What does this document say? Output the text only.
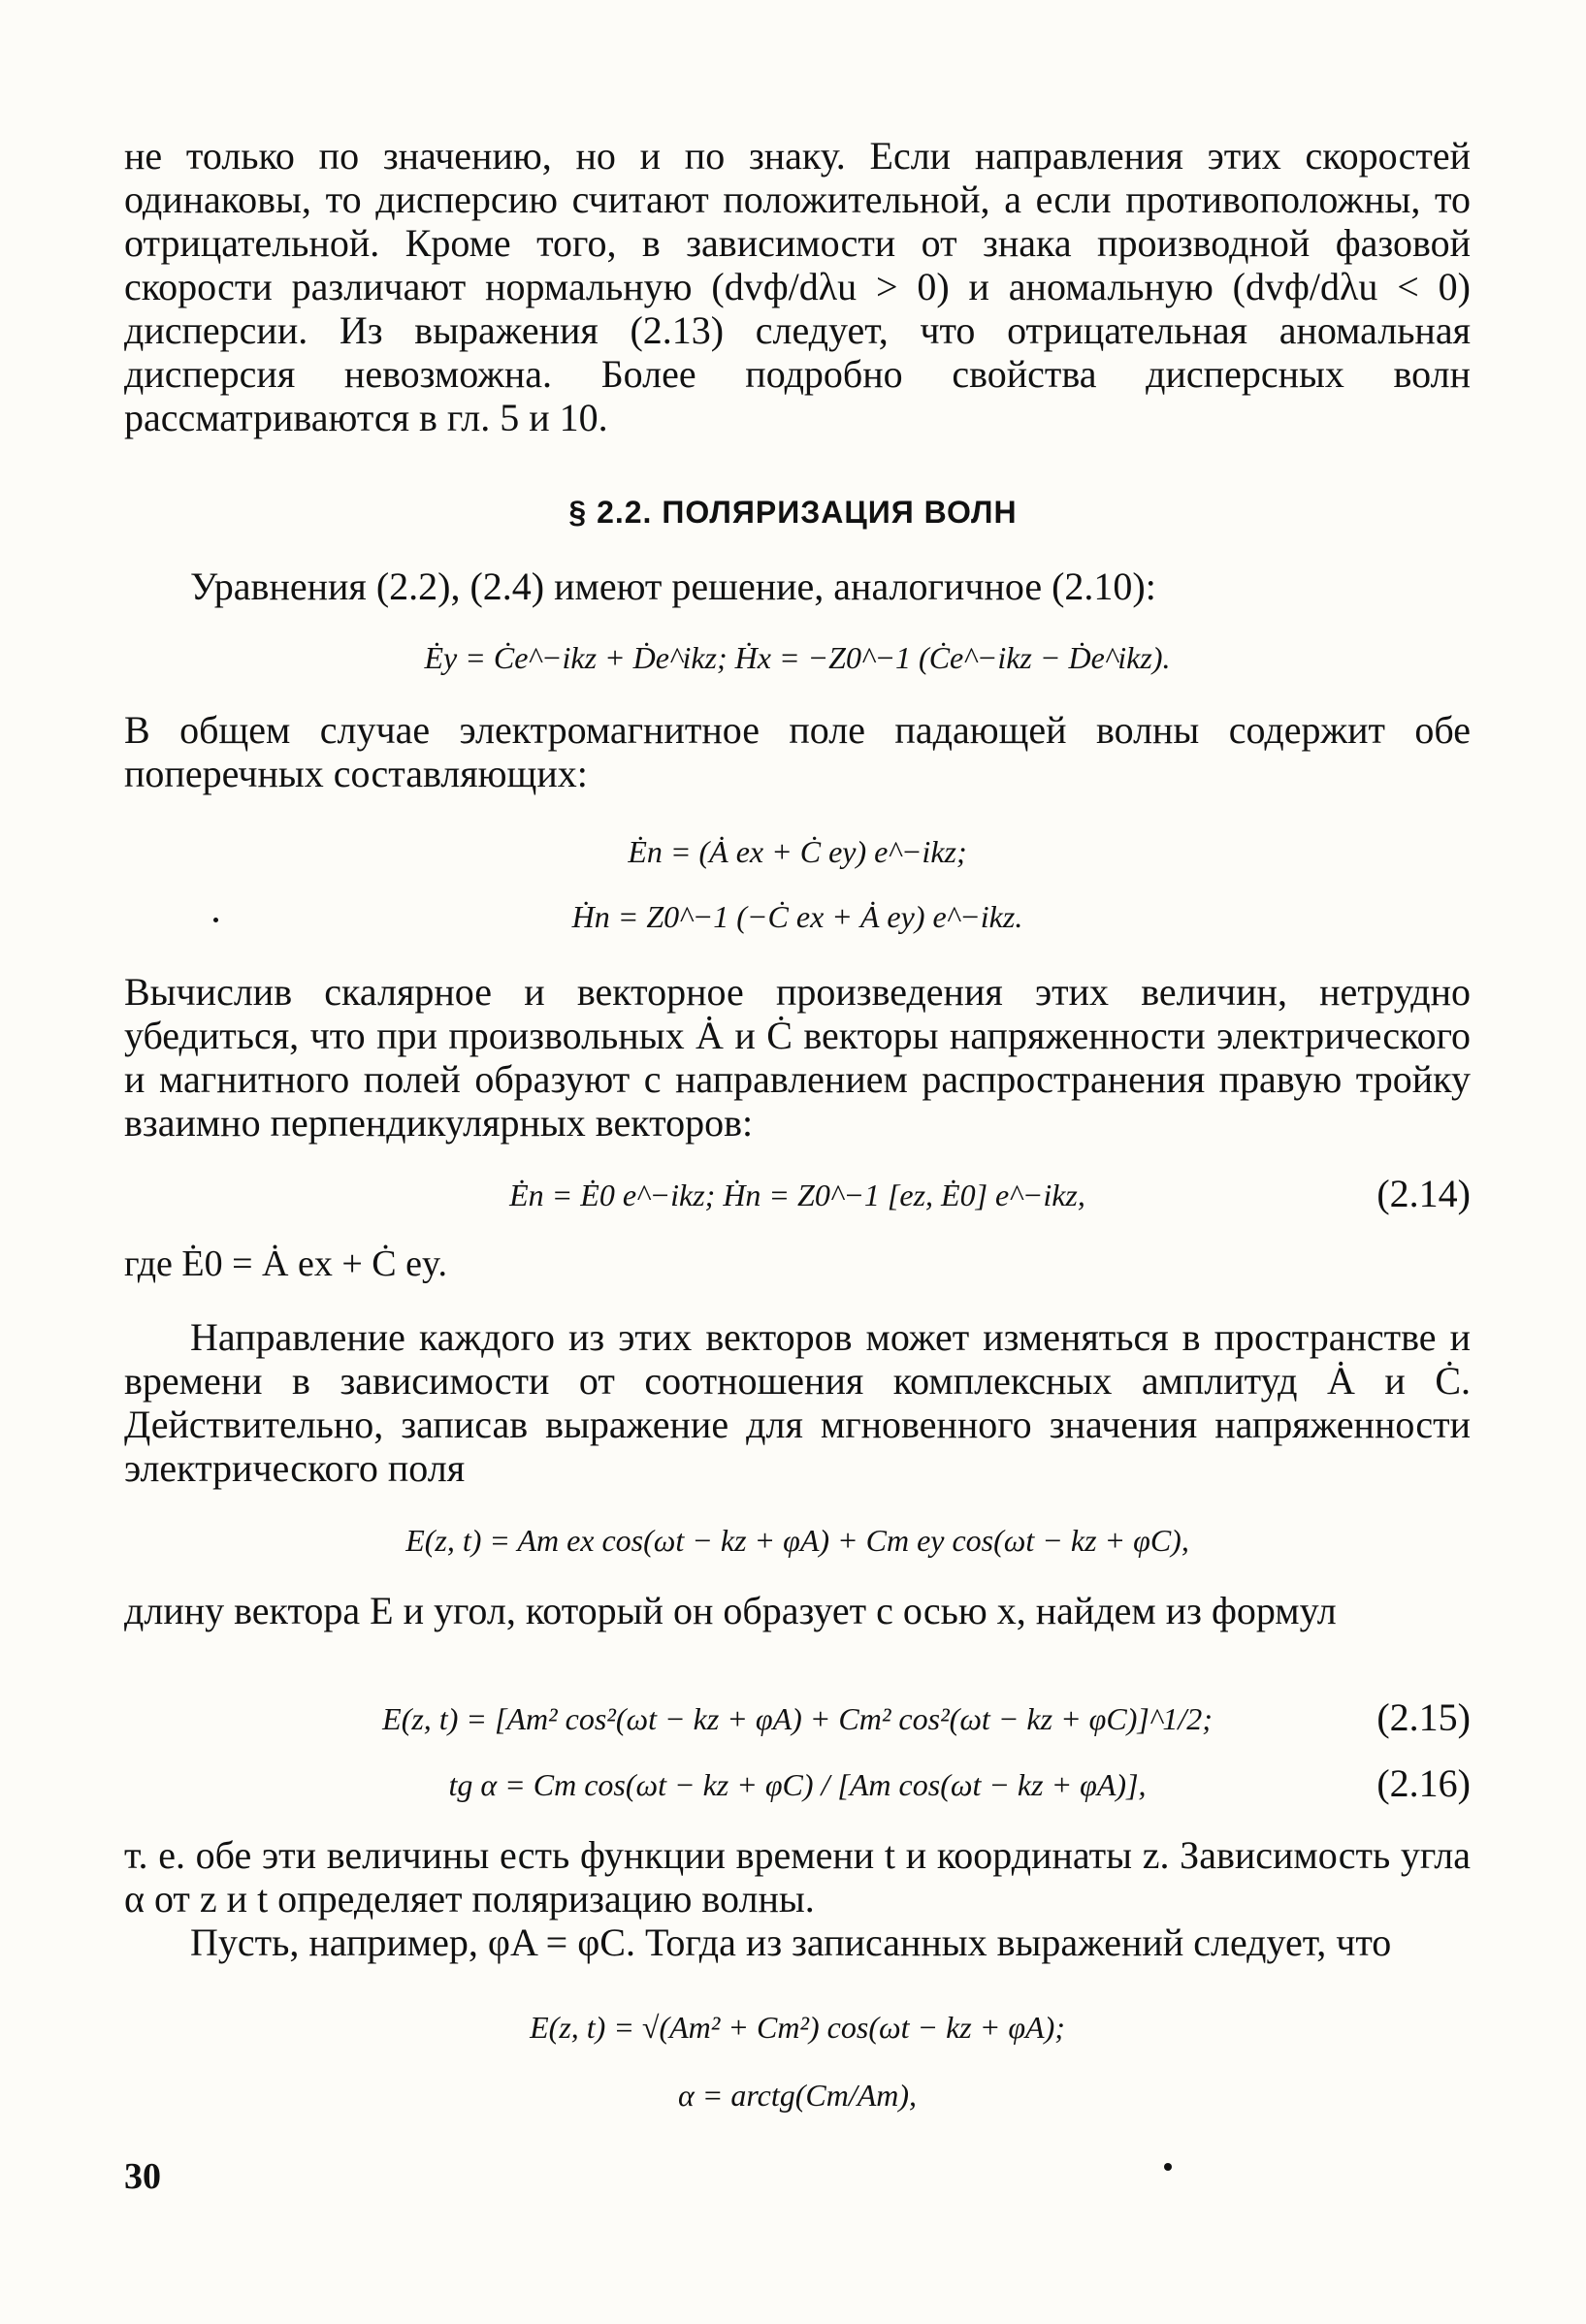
не только по значению, но и по знаку. Если направления этих скоростей одинаковы, то дисперсию считают положительной, а если противоположны, то отрицательной. Кроме того, в зависимости от знака производной фазовой скорости различают нормальную (dvф/dλu > 0) и аномальную (dvф/dλu < 0) дисперсии. Из выражения (2.13) следует, что отрицательная аномальная дисперсия невозможна. Более подробно свойства дисперсных волн рассматриваются в гл. 5 и 10.

§ 2.2. ПОЛЯРИЗАЦИЯ ВОЛН

Уравнения (2.2), (2.4) имеют решение, аналогичное (2.10):

Ėy = Ċe^−ikz + Ḋe^ikz; Ḣx = −Z0^−1 (Ċe^−ikz − Ḋe^ikz).

В общем случае электромагнитное поле падающей волны содержит обе поперечных составляющих:

Ėп = (Ȧ ex + Ċ ey) e^−ikz;
Ḣп = Z0^−1 (−Ċ ex + Ȧ ey) e^−ikz.

Вычислив скалярное и векторное произведения этих величин, нетрудно убедиться, что при произвольных Ȧ и Ċ векторы напряженности электрического и магнитного полей образуют с направлением распространения правую тройку взаимно перпендикулярных векторов:

Ėп = Ė0 e^−ikz; Ḣп = Z0^−1 [ez, Ė0] e^−ikz,	(2.14)
где Ė0 = Ȧ ex + Ċ ey.

Направление каждого из этих векторов может изменяться в пространстве и времени в зависимости от соотношения комплексных амплитуд Ȧ и Ċ. Действительно, записав выражение для мгновенного значения напряженности электрического поля

E(z, t) = Am ex cos(ωt − kz + φA) + Cm ey cos(ωt − kz + φC),

длину вектора E и угол, который он образует с осью x, найдем из формул

E(z, t) = [Am² cos²(ωt − kz + φA) + Cm² cos²(ωt − kz + φC)]^1/2;	(2.15)
tg α = Cm cos(ωt − kz + φC) / [Am cos(ωt − kz + φA)],	(2.16)

т. е. обе эти величины есть функции времени t и координаты z. Зависимость угла α от z и t определяет поляризацию волны.

Пусть, например, φA = φC. Тогда из записанных выражений следует, что

E(z, t) = √(Am² + Cm²) cos(ωt − kz + φA);
α = arctg(Cm/Am),
30
